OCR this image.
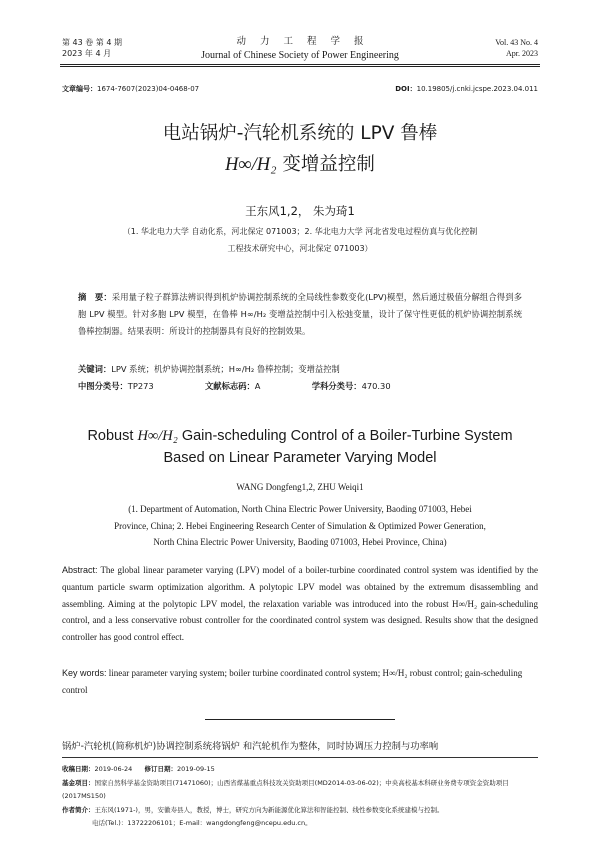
第 43 卷 第 4 期
2023 年 4 月
动力工程学报
Journal of Chinese Society of Power Engineering
Vol. 43 No. 4
Apr. 2023
文章编号：1674-7607(2023)04-0468-07	DOI：10.19805/j.cnki.jcspe.2023.04.011
电站锅炉-汽轮机系统的 LPV 鲁棒
H∞/H₂ 变增益控制
王东风1,2， 朱为琦1
（1. 华北电力大学 自动化系，河北保定 071003；2. 华北电力大学 河北省发电过程仿真与优化控制
工程技术研究中心，河北保定 071003）
摘　要：采用量子粒子群算法辨识得到机炉协调控制系统的全局线性参数变化(LPV)模型，然后通过极值分解组合得到多胞 LPV 模型。针对多胞 LPV 模型，在鲁棒 H∞/H₂ 变增益控制中引入松弛变量，设计了保守性更低的机炉协调控制系统鲁棒控制器。结果表明：所设计的控制器具有良好的控制效果。
关键词：LPV 系统；机炉协调控制系统；H∞/H₂ 鲁棒控制；变增益控制
中图分类号：TP273	文献标志码：A	学科分类号：470.30
Robust H∞/H₂ Gain-scheduling Control of a Boiler-Turbine System
Based on Linear Parameter Varying Model
WANG Dongfeng1,2, ZHU Weiqi1
(1. Department of Automation, North China Electric Power University, Baoding 071003, Hebei
Province, China; 2. Hebei Engineering Research Center of Simulation & Optimized Power Generation,
North China Electric Power University, Baoding 071003, Hebei Province, China)
Abstract: The global linear parameter varying (LPV) model of a boiler-turbine coordinated control system was identified by the quantum particle swarm optimization algorithm. A polytopic LPV model was obtained by the extremum disassembling and assembling. Aiming at the polytopic LPV model, the relaxation variable was introduced into the robust H∞/H₂ gain-scheduling control, and a less conservative robust controller for the coordinated control system was designed. Results show that the designed controller has good control effect.
Key words: linear parameter varying system; boiler turbine coordinated control system; H∞/H₂ robust control; gain-scheduling control
锅炉-汽轮机(简称机炉)协调控制系统将锅炉 和汽轮机作为整体，同时协调压力控制与功率响
收稿日期：2019-06-24 修订日期：2019-09-15
基金项目：国家自然科学基金资助项目(71471060)；山西省煤基重点科技攻关资助项目(MD2014-03-06-02)；中央高校基本科研业务费专项资金资助项目(2017MS150)
作者简介：王东风(1971-)，男，安徽寿县人，教授，博士，研究方向为新能源优化算法和智能控制、线性参数变化系统建模与控制。
电话(Tel.)：13722206101；E-mail：wangdongfeng@ncepu.edu.cn。
